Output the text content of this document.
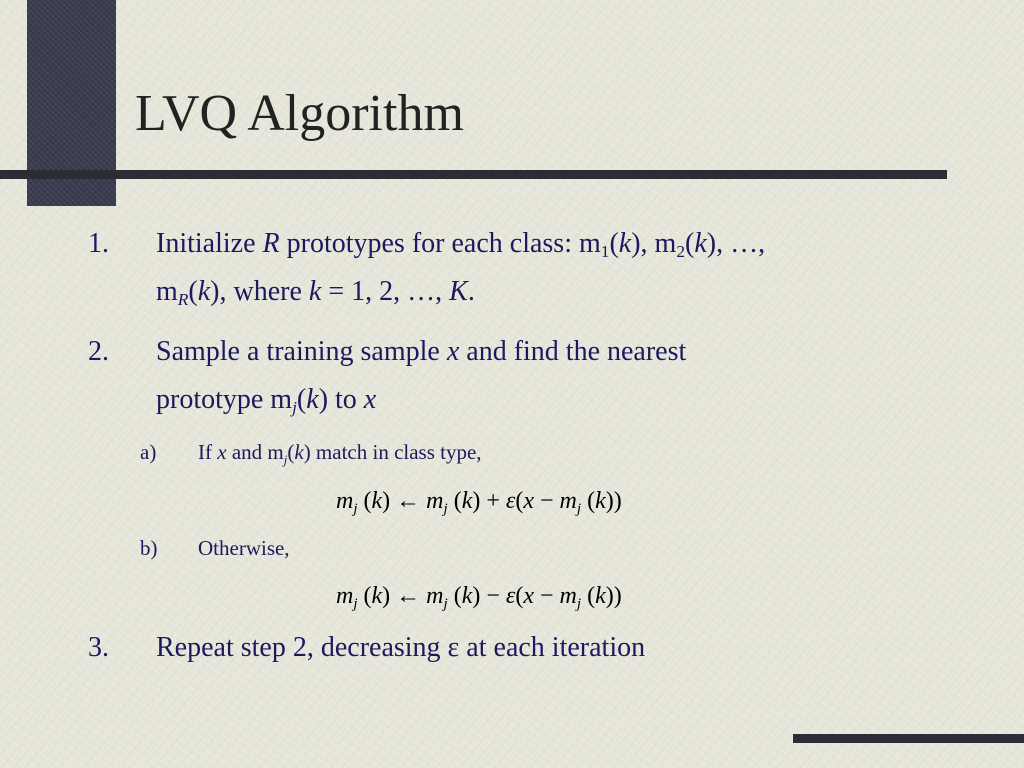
LVQ Algorithm
1. Initialize R prototypes for each class: $m_1(k)$, $m_2(k)$, …,
$m_R(k)$, where k = 1, 2, …, K.
2. Sample a training sample x and find the nearest
prototype $m_j(k)$ to x
a) If x and $m_j(k)$ match in class type,
$m_j$ (k) ← $m_j$ $(k) + \varepsilon(x - m_j$ (k))
b) Otherwise,
$m_j$ (k) ← $m_j$ $(k) - \varepsilon(x - m_j$ (k))
3. Repeat step 2, decreasing ε at each iteration
